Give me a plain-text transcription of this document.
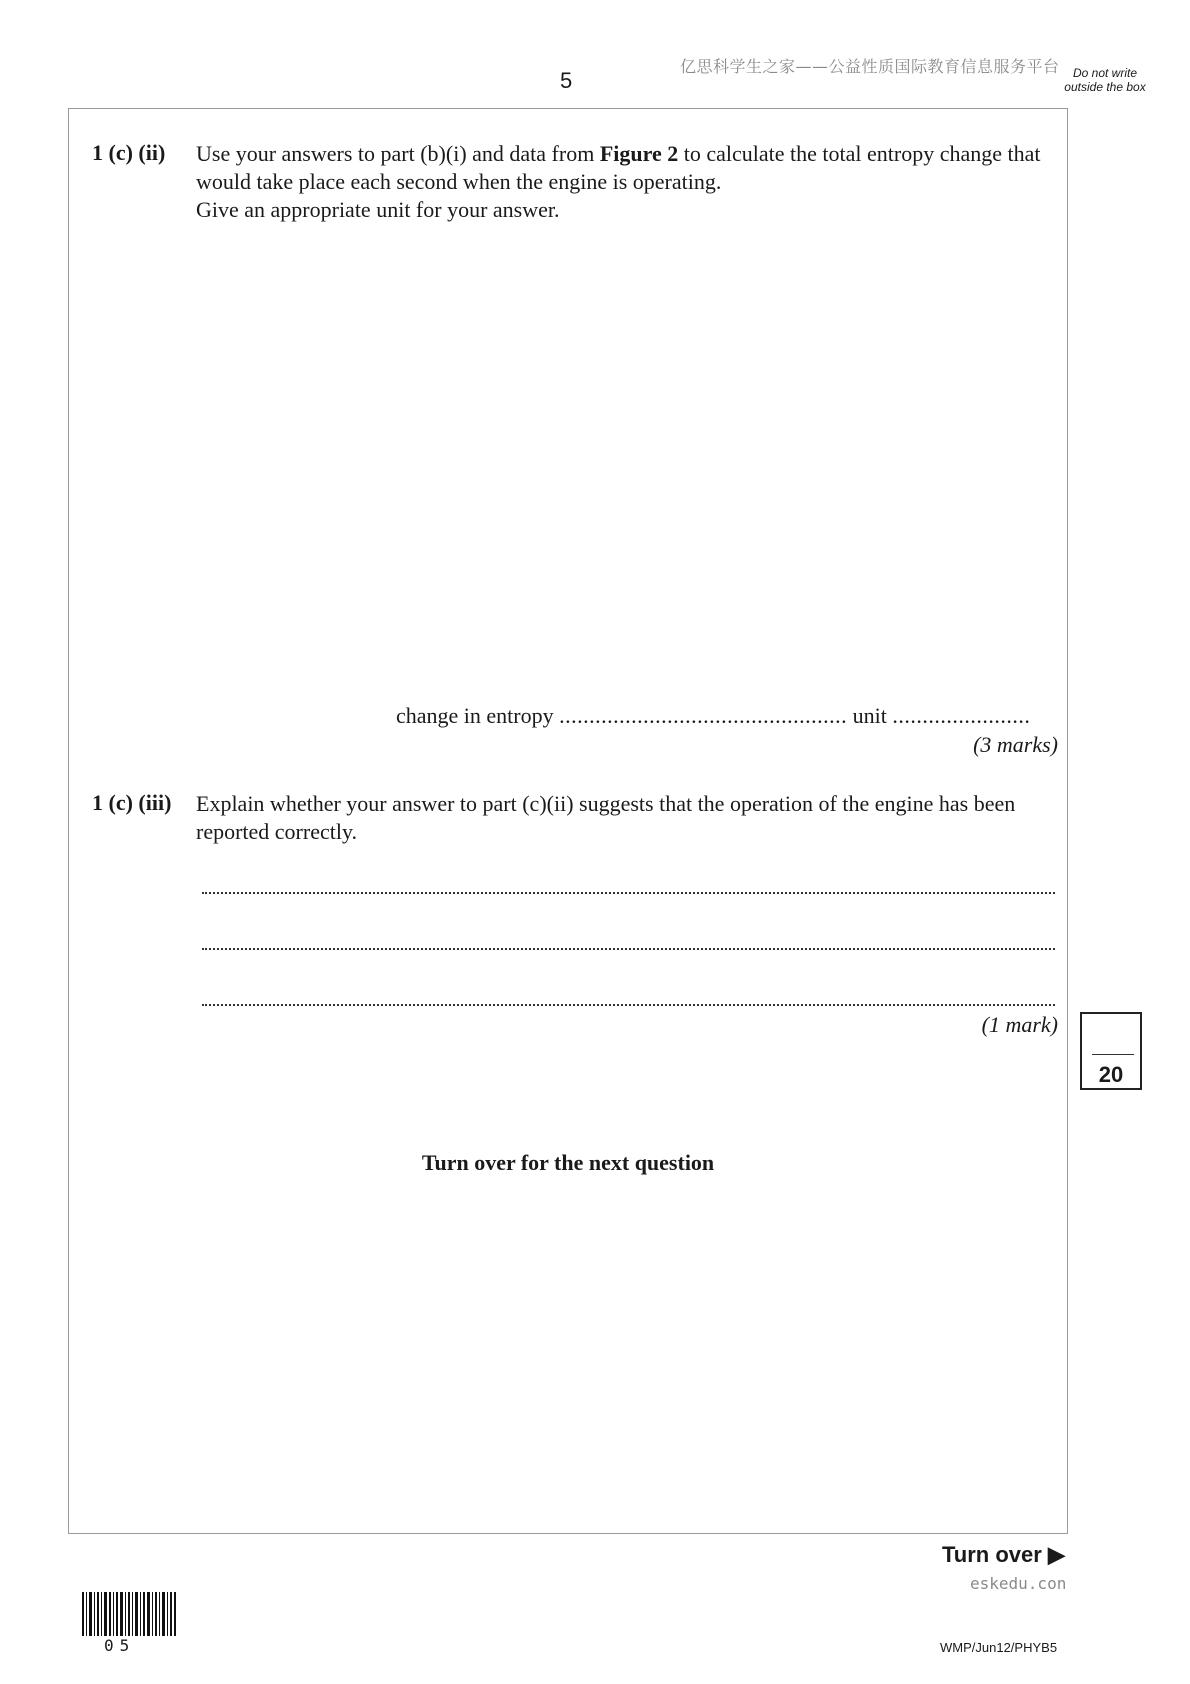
5
亿思科学生之家——公益性质国际教育信息服务平台	Do not write outside the box
1 (c) (ii) Use your answers to part (b)(i) and data from Figure 2 to calculate the total entropy change that would take place each second when the engine is operating.
Give an appropriate unit for your answer.
change in entropy ................................................ unit .......................
(3 marks)
1 (c) (iii) Explain whether your answer to part (c)(ii) suggests that the operation of the engine has been reported correctly.
(1 mark)
20
Turn over for the next question
Turn over ▶
eskedu.con
05	WMP/Jun12/PHYB5
